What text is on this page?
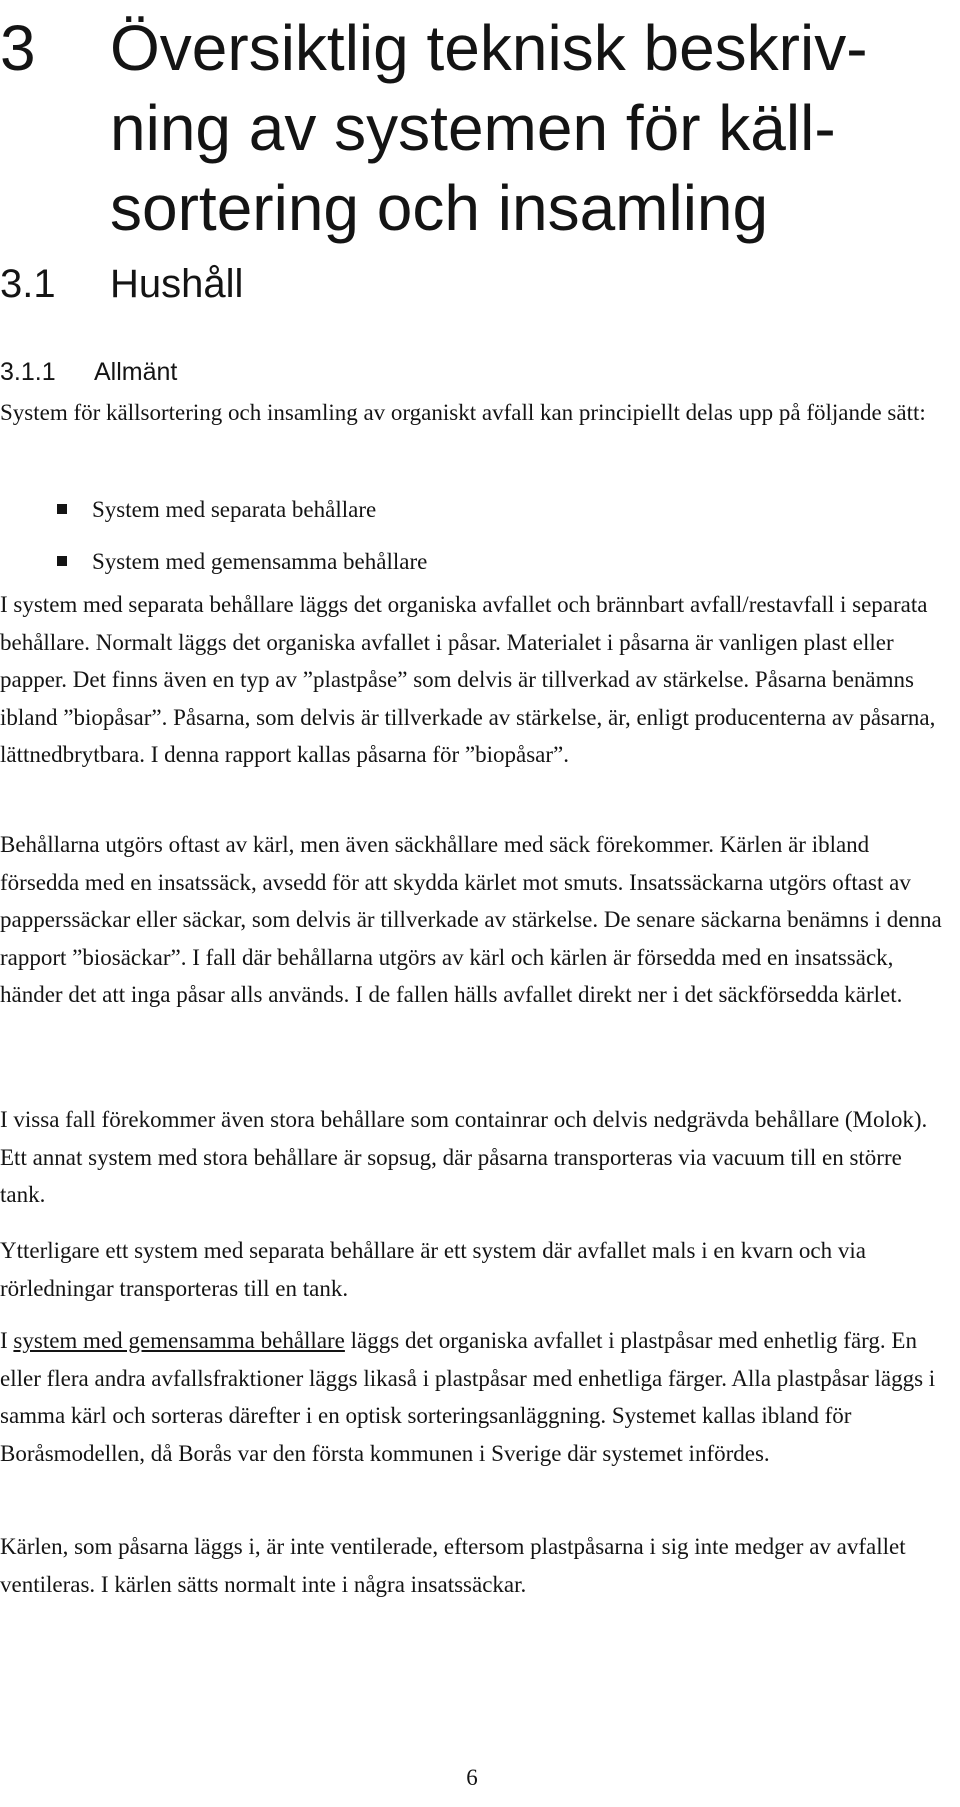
3 Översiktlig teknisk beskriv-ning av systemen för käll-sortering och insamling
3.1 Hushåll
3.1.1 Allmänt

System för källsortering och insamling av organiskt avfall kan principiellt delas upp på följande sätt:

System med separata behållare
System med gemensamma behållare

I system med separata behållare läggs det organiska avfallet och brännbart avfall/restavfall i separata behållare. Normalt läggs det organiska avfallet i påsar. Materialet i påsarna är vanligen plast eller papper. Det finns även en typ av ”plastpåse” som delvis är tillverkad av stärkelse. Påsarna benämns ibland ”biopåsar”. Påsarna, som delvis är tillverkade av stärkelse, är, enligt producenterna av påsarna, lättnedbrytbara. I denna rapport kallas påsarna för ”biopåsar”.

Behållarna utgörs oftast av kärl, men även säckhållare med säck förekommer. Kärlen är ibland försedda med en insatssäck, avsedd för att skydda kärlet mot smuts. Insatssäckarna utgörs oftast av papperssäckar eller säckar, som delvis är tillverkade av stärkelse. De senare säckarna benämns i denna rapport ”biosäckar”. I fall där behållarna utgörs av kärl och kärlen är försedda med en insatssäck, händer det att inga påsar alls används. I de fallen hälls avfallet direkt ner i det säckförsedda kärlet.

I vissa fall förekommer även stora behållare som containrar och delvis nedgrävda behållare (Molok). Ett annat system med stora behållare är sopsug, där påsarna transporteras via vacuum till en större tank.

Ytterligare ett system med separata behållare är ett system där avfallet mals i en kvarn och via rörledningar transporteras till en tank.

I system med gemensamma behållare läggs det organiska avfallet i plastpåsar med enhetlig färg. En eller flera andra avfallsfraktioner läggs likaså i plastpåsar med enhetliga färger. Alla plastpåsar läggs i samma kärl och sorteras därefter i en optisk sorteringsanläggning. Systemet kallas ibland för Boråsmodellen, då Borås var den första kommunen i Sverige där systemet infördes.

Kärlen, som påsarna läggs i, är inte ventilerade, eftersom plastpåsarna i sig inte medger av avfallet ventileras. I kärlen sätts normalt inte i några insatssäckar.

6
